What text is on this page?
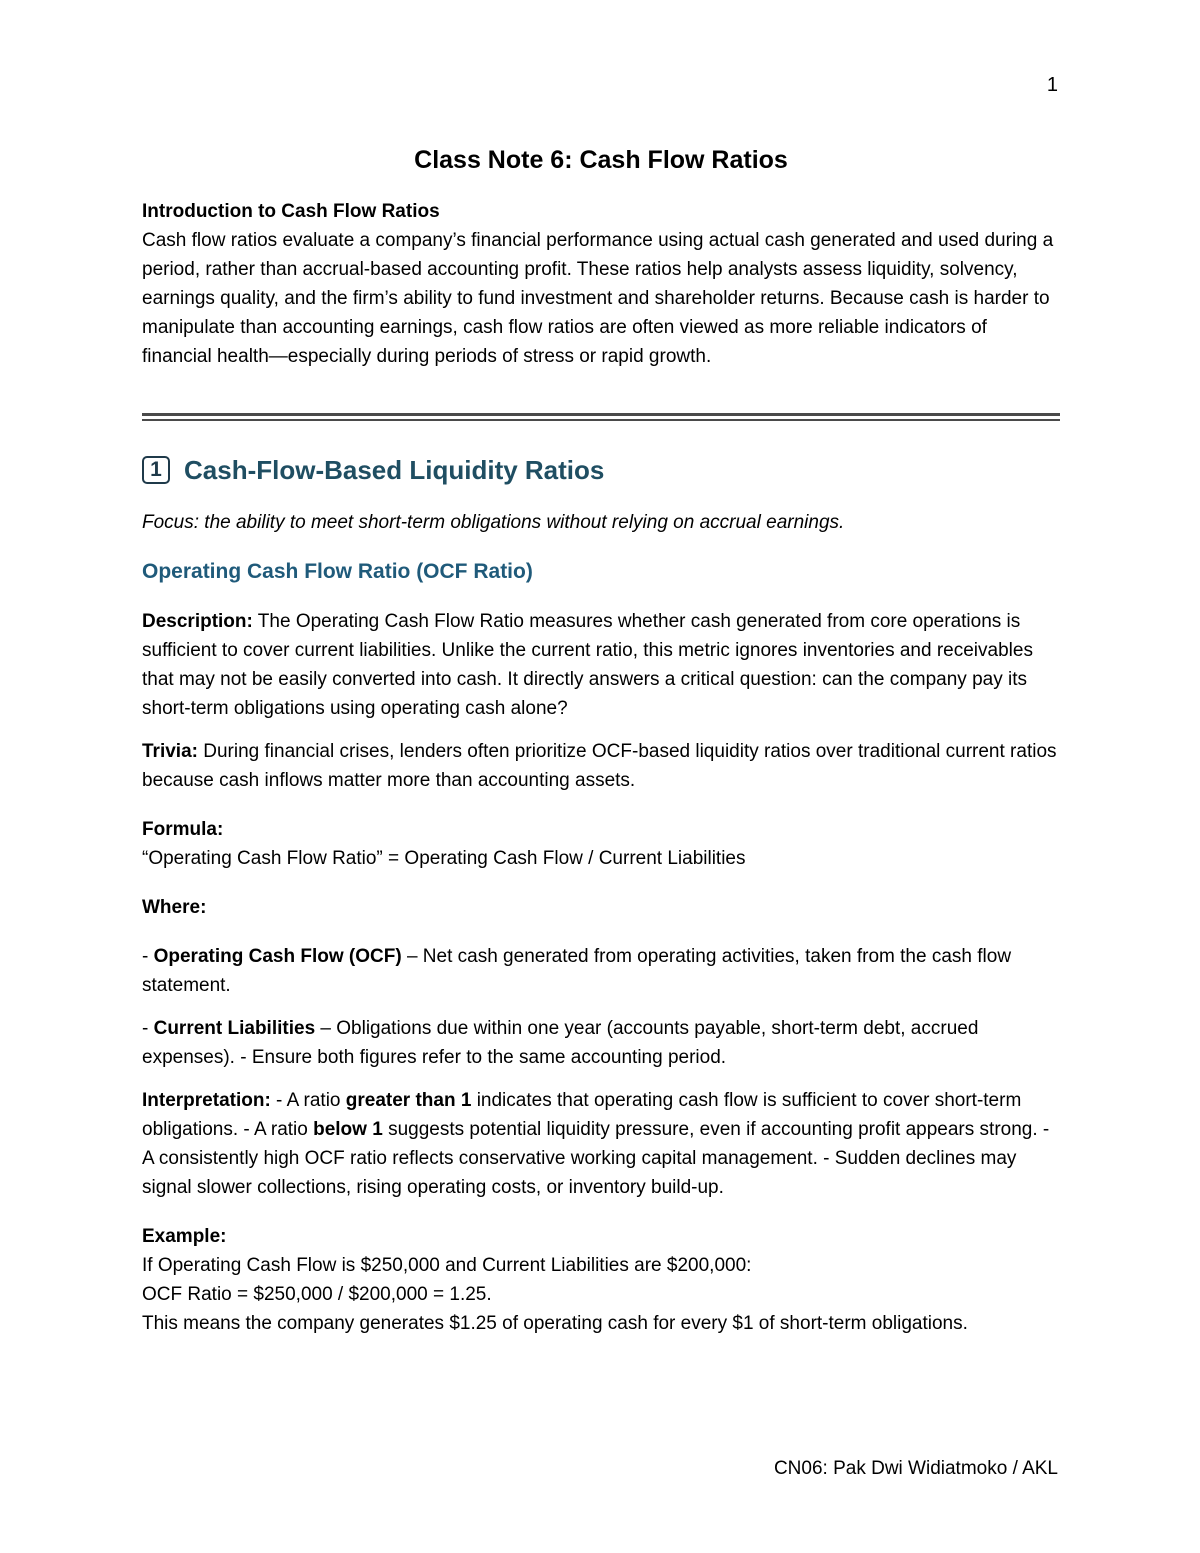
1
Class Note 6: Cash Flow Ratios

Introduction to Cash Flow Ratios

Cash flow ratios evaluate a company’s financial performance using actual cash generated and used during a period, rather than accrual-based accounting profit. These ratios help analysts assess liquidity, solvency, earnings quality, and the firm’s ability to fund investment and shareholder returns. Because cash is harder to manipulate than accounting earnings, cash flow ratios are often viewed as more reliable indicators of financial health—especially during periods of stress or rapid growth.

1 Cash-Flow-Based Liquidity Ratios
Focus: the ability to meet short-term obligations without relying on accrual earnings.
Operating Cash Flow Ratio (OCF Ratio)

Description: The Operating Cash Flow Ratio measures whether cash generated from core operations is sufficient to cover current liabilities. Unlike the current ratio, this metric ignores inventories and receivables that may not be easily converted into cash. It directly answers a critical question: can the company pay its short-term obligations using operating cash alone?

Trivia: During financial crises, lenders often prioritize OCF-based liquidity ratios over traditional current ratios because cash inflows matter more than accounting assets.

Formula:

“Operating Cash Flow Ratio” = Operating Cash Flow / Current Liabilities

Where:

- Operating Cash Flow (OCF) – Net cash generated from operating activities, taken from the cash flow statement.

- Current Liabilities – Obligations due within one year (accounts payable, short-term debt, accrued expenses). - Ensure both figures refer to the same accounting period.

Interpretation: - A ratio greater than 1 indicates that operating cash flow is sufficient to cover short-term obligations. - A ratio below 1 suggests potential liquidity pressure, even if accounting profit appears strong. - A consistently high OCF ratio reflects conservative working capital management. - Sudden declines may signal slower collections, rising operating costs, or inventory build-up.

Example:

If Operating Cash Flow is $250,000 and Current Liabilities are $200,000:

OCF Ratio = $250,000 / $200,000 = 1.25.

This means the company generates $1.25 of operating cash for every $1 of short-term obligations.

CN06: Pak Dwi Widiatmoko / AKL
